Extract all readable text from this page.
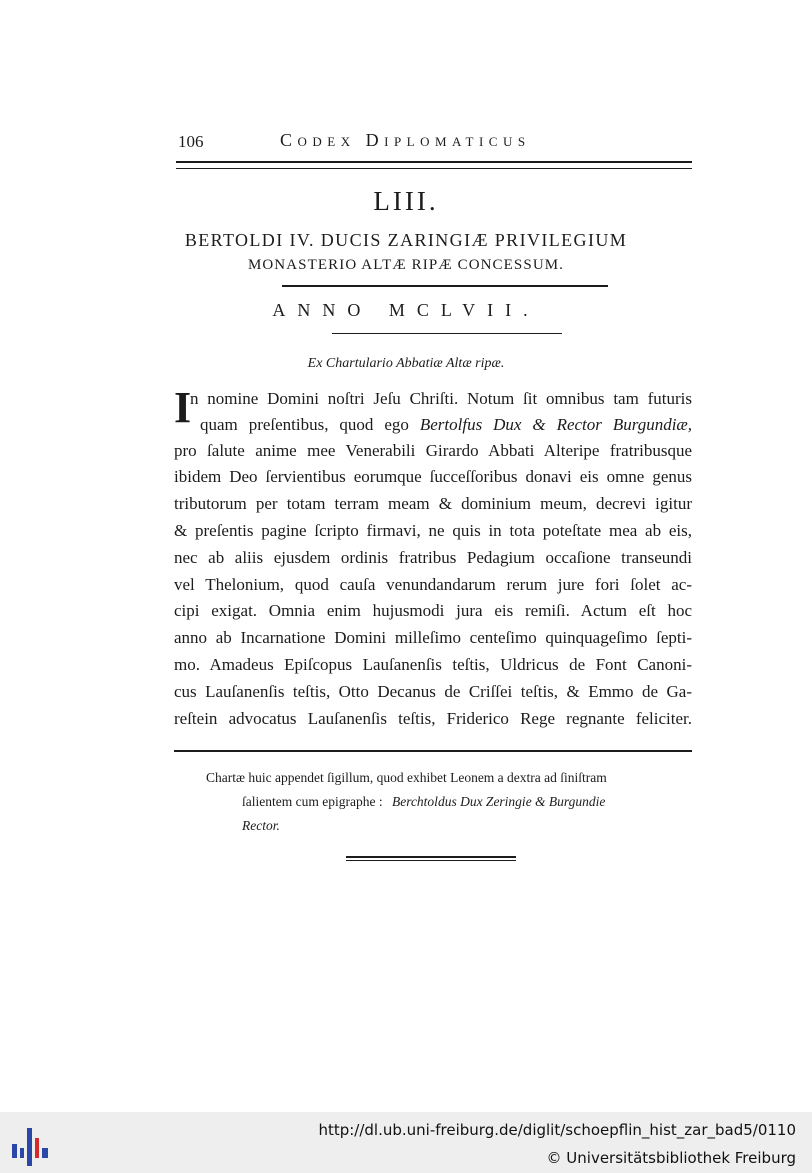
106	Codex Diplomaticus
LIII.
BERTOLDI IV. DUCIS ZARINGIÆ PRIVILEGIUM
MONASTERIO ALTÆ RIPÆ CONCESSUM.
ANNO MCLVII.
Ex Chartulario Abbatiæ Altæ ripæ.
I
n nomine Domini noſtri Jeſu Chriſti. Notum ſit omnibus tam futuris
quam preſentibus, quod ego Bertolfus Dux & Rector Burgundiæ,
pro ſalute anime mee Venerabili Girardo Abbati Alteripe fratribusque
ibidem Deo ſervientibus eorumque ſucceſſoribus donavi eis omne genus
tributorum per totam terram meam & dominium meum, decrevi igitur
& preſentis pagine ſcripto firmavi, ne quis in tota poteſtate mea ab eis,
nec ab aliis ejusdem ordinis fratribus Pedagium occaſione transeundi
vel Thelonium, quod cauſa venundandarum rerum jure fori ſolet ac-
cipi exigat. Omnia enim hujusmodi jura eis remiſi. Actum eſt hoc
anno ab Incarnatione Domini milleſimo centeſimo quinquageſimo ſepti-
mo. Amadeus Epiſcopus Lauſanenſis teſtis, Uldricus de Font Canoni-
cus Lauſanenſis teſtis, Otto Decanus de Criſſei teſtis, & Emmo de Ga-
reſtein advocatus Lauſanenſis teſtis, Friderico Rege regnante feliciter.
Chartæ huic appendet ſigillum, quod exhibet Leonem a dextra ad ſiniſtram
ſalientem cum epigraphe : Berchtoldus Dux Zeringie & Burgundie
Rector.
http://dl.ub.uni-freiburg.de/diglit/schoepflin_hist_zar_bad5/0110
© Universitätsbibliothek Freiburg
